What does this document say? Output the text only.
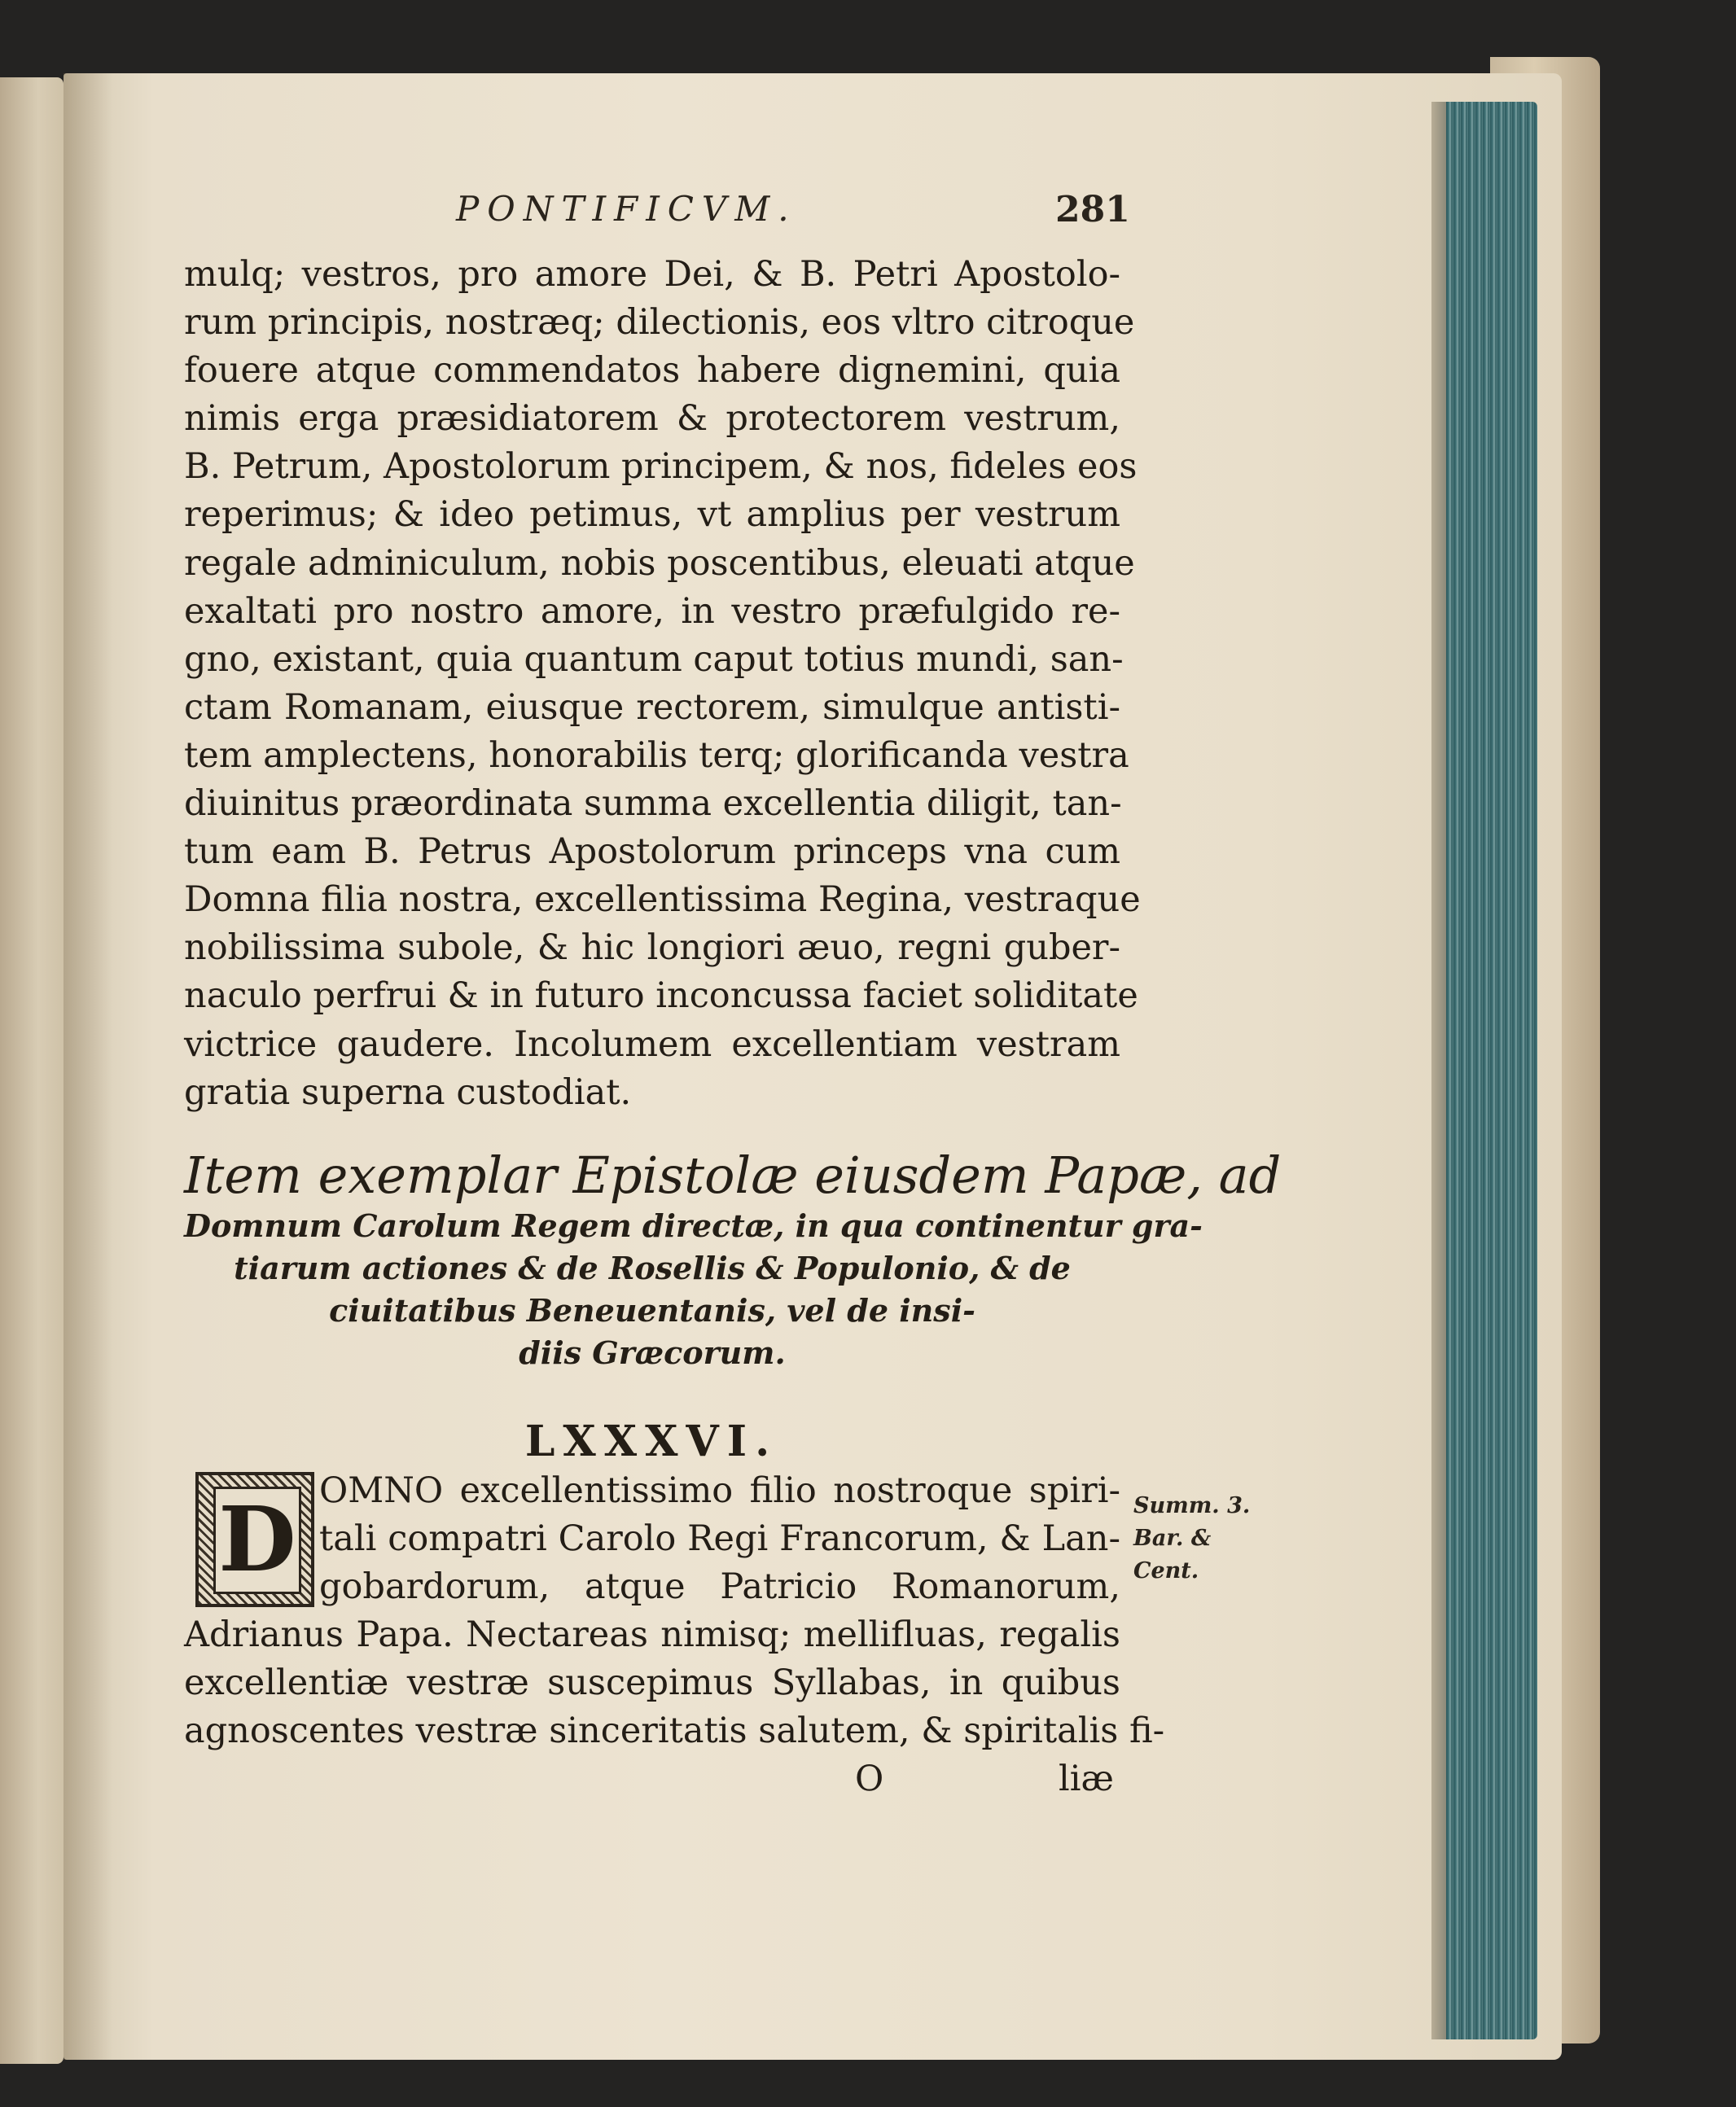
PONTIFICVM.	281
mulq; vestros, pro amore Dei, & B. Petri Apostolo-
rum principis, nostræq; dilectionis, eos vltro citroque
fouere atque commendatos habere dignemini, quia
nimis erga præsidiatorem & protectorem vestrum,
B. Petrum, Apostolorum principem, & nos, fideles eos
reperimus; & ideo petimus, vt amplius per vestrum
regale adminiculum, nobis poscentibus, eleuati atque
exaltati pro nostro amore, in vestro præfulgido re-
gno, existant, quia quantum caput totius mundi, san-
ctam Romanam, eiusque rectorem, simulque antisti-
tem amplectens, honorabilis terq; glorificanda vestra
diuinitus præordinata summa excellentia diligit, tan-
tum eam B. Petrus Apostolorum princeps vna cum
Domna filia nostra, excellentissima Regina, vestraque
nobilissima subole, & hic longiori æuo, regni guber-
naculo perfrui & in futuro inconcussa faciet soliditate
victrice gaudere. Incolumem excellentiam vestram
gratia superna custodiat.
Item exemplar Epistolæ eiusdem Papæ, ad
Domnum Carolum Regem directæ, in qua continentur gra-
tiarum actiones & de Rosellis & Populonio, & de
ciuitatibus Beneuentanis, vel de insi-
diis Græcorum.
LXXXVI.
D OMNO excellentissimo filio nostroque spiri-
tali compatri Carolo Regi Francorum, & Lan-
gobardorum, atque Patricio Romanorum,
Adrianus Papa. Nectareas nimisq; mellifluas, regalis
excellentiæ vestræ suscepimus Syllabas, in quibus
agnoscentes vestræ sinceritatis salutem, & spiritalis fi-
Summ. 3.
Bar. &
Cent.
O	liæ
